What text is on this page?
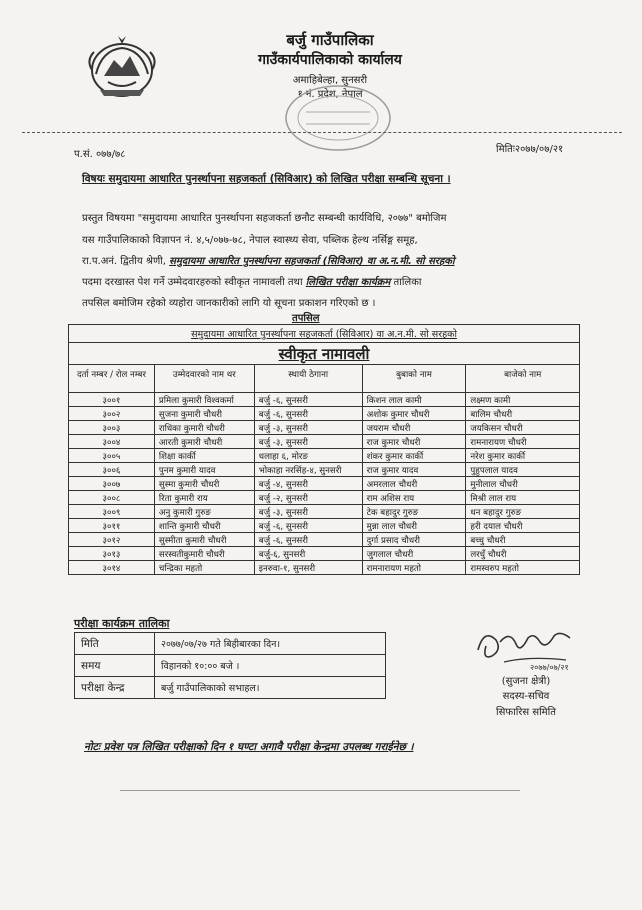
बर्जु गाउँपालिका
गाउँकार्यपालिकाको कार्यालय
अमाहिबेल्हा, सुनसरी
१ नं. प्रदेश, नेपाल
प.सं. ०७७/७८	मितिः२०७७/०७/२१
विषयः समुदायमा आधारित पुनर्स्थापना सहजकर्ता (सिविआर) को लिखित परीक्षा सम्बन्धि सूचना ।
प्रस्तुत विषयमा "समुदायमा आधारित पुनर्स्थापना सहजकर्ता छनौट सम्बन्धी कार्यविधि, २०७७" बमोजिम
यस गाउँपालिकाको विज्ञापन नं. ४,५/०७७-७८, नेपाल स्वास्थ्य सेवा, पब्लिक हेल्थ नर्सिङ्ग समूह,
रा.प.अनं. द्वितीय श्रेणी, समुदायमा आधारित पुनर्स्थापना सहजकर्ता (सिविआर) वा अ.न.मी. सो सरहको
पदमा दरखास्त पेश गर्ने उम्मेदवारहरुको स्वीकृत नामावली तथा लिखित परीक्षा कार्यक्रम तालिका
तपसिल बमोजिम रहेको व्यहोरा जानकारीको लागि यो सूचना प्रकाशन गरिएको छ ।
तपसिल
समुदायमा आधारित पुनर्स्थापना सहजकर्ता (सिविआर) वा अ.न.मी. सो सरहको				
स्वीकृत नामावली				
दर्ता नम्बर / रोल नम्बर	उम्मेदवारको नाम थर	स्थायी ठेगाना	बुबाको नाम	बाजेको नाम
३००१	प्रमिला कुमारी विश्वकर्मा	बर्जु -६, सुनसरी	किशन लाल कामी	लक्ष्मण कामी
३००२	सुजना कुमारी चौधरी	बर्जु -६, सुनसरी	अशोक कुमार चौधरी	बालिम चौधरी
३००३	राधिका कुमारी चौधरी	बर्जु -३, सुनसरी	जयराम चौधरी	जयकिसन चौधरी
३००४	आरती कुमारी चौधरी	बर्जु -३, सुनसरी	राज कुमार चौधरी	रामनारायण चौधरी
३००५	शिक्षा कार्की	धलाहा ६, मोरङ	शंकर कुमार कार्की	नरेश कुमार कार्की
३००६	पुनम कुमारी यादव	भोकाहा नरसिंह-४, सुनसरी	राज कुमार यादव	पुहुपलाल यादव
३००७	सुस्मा कुमारी चौधरी	बर्जु -४, सुनसरी	अमरलाल चौधरी	मुनीलाल चौधरी
३००८	रिता कुमारी राय	बर्जु -२, सुनसरी	राम अशिस राय	मिश्री लाल राय
३००९	अनु कुमारी गुरुङ	बर्जु -३, सुनसरी	टेक बहादुर गुरुङ	धन बहादुर गुरुङ
३०११	शान्ति कुमारी चौधरी	बर्जु -६, सुनसरी	मुन्ना लाल चौधरी	हरी दयाल चौधरी
३०१२	सुस्मीता कुमारी चौधरी	बर्जु -६, सुनसरी	दुर्गा प्रसाद चौधरी	बच्चु चौधरी
३०१३	सरस्वतीकुमारी चौधरी	बर्जु-६, सुनसरी	जुगलाल चौधरी	लरधुँ चौधरी
३०१४	चन्द्रिका महतो	इनरुवा-१, सुनसरी	रामनारायण महतो	रामस्वरुप महतो
परीक्षा कार्यक्रम तालिका
मिति	२०७७/०७/२७ गते बिहीबारका दिन।
समय	विहानको १०:०० बजे ।
परीक्षा केन्द्र	बर्जु गाउँपालिकाको सभाहल।
२०७७/०७/२१
(सुजना क्षेत्री)
सदस्य-सचिव
सिफारिस समिति
नोटः प्रवेश पत्र लिखित परीक्षाको दिन १ घण्टा अगावै परीक्षा केन्द्रमा उपलब्ध गराईनेछ ।
